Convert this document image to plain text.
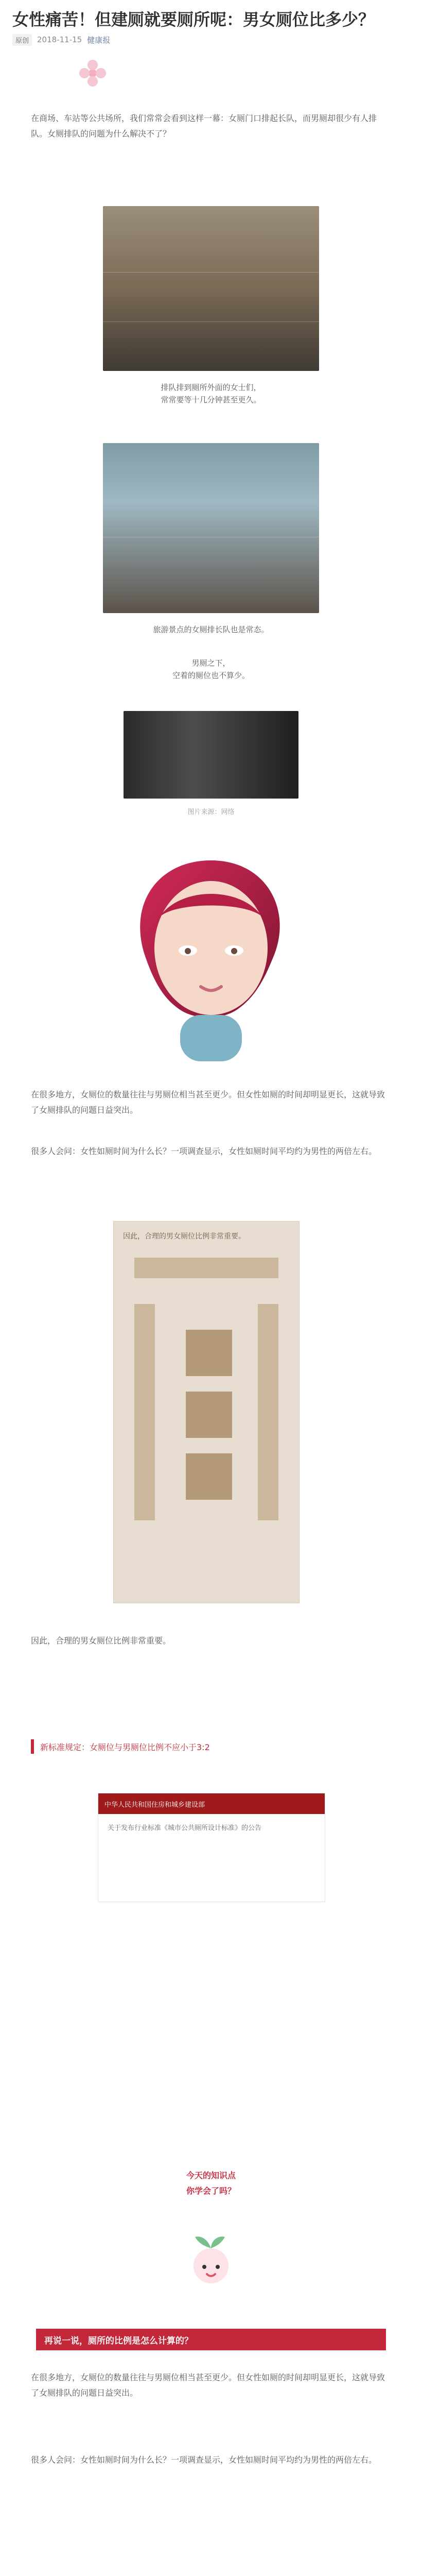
女性痛苦！但建厕就要厕所呢：男女厕位比多少？
原创	2018-11-15 健康报
在商场、车站等公共场所，我们常常会看到这样一幕：女厕门口排起长队，而男厕却很少有人排队。女厕排队的问题为什么解决不了？
排队排到厕所外面的女士们，
常常要等十几分钟甚至更久。
旅游景点的女厕排长队也是常态。
男厕之下，
空着的厕位也不算少。
图片来源：网络
在很多地方，女厕位的数量往往与男厕位相当甚至更少。但女性如厕的时间却明显更长，这就导致了女厕排队的问题日益突出。
很多人会问：女性如厕时间为什么长？一项调查显示，女性如厕时间平均约为男性的两倍左右。
因此，合理的男女厕位比例非常重要。
因此，合理的男女厕位比例非常重要。
新标准规定：女厕位与男厕位比例不应小于3:2
中华人民共和国住房和城乡建设部
关于发布行业标准《城市公共厕所设计标准》的公告
今天的知识点
你学会了吗？
再说一说，厕所的比例是怎么计算的？
在很多地方，女厕位的数量往往与男厕位相当甚至更少。但女性如厕的时间却明显更长，这就导致了女厕排队的问题日益突出。
很多人会问：女性如厕时间为什么长？一项调查显示，女性如厕时间平均约为男性的两倍左右。
